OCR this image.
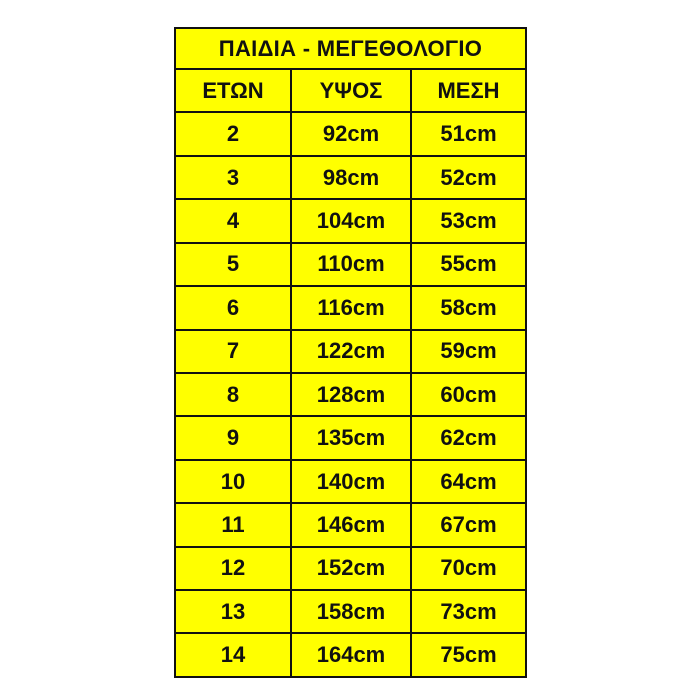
ΠΑΙΔΙΑ - ΜΕΓΕΘΟΛΟΓΙΟ
ΕΤΩΝ	ΥΨΟΣ	ΜΕΣΗ
2	92cm	51cm
3	98cm	52cm
4	104cm	53cm
5	110cm	55cm
6	116cm	58cm
7	122cm	59cm
8	128cm	60cm
9	135cm	62cm
10	140cm	64cm
11	146cm	67cm
12	152cm	70cm
13	158cm	73cm
14	164cm	75cm
